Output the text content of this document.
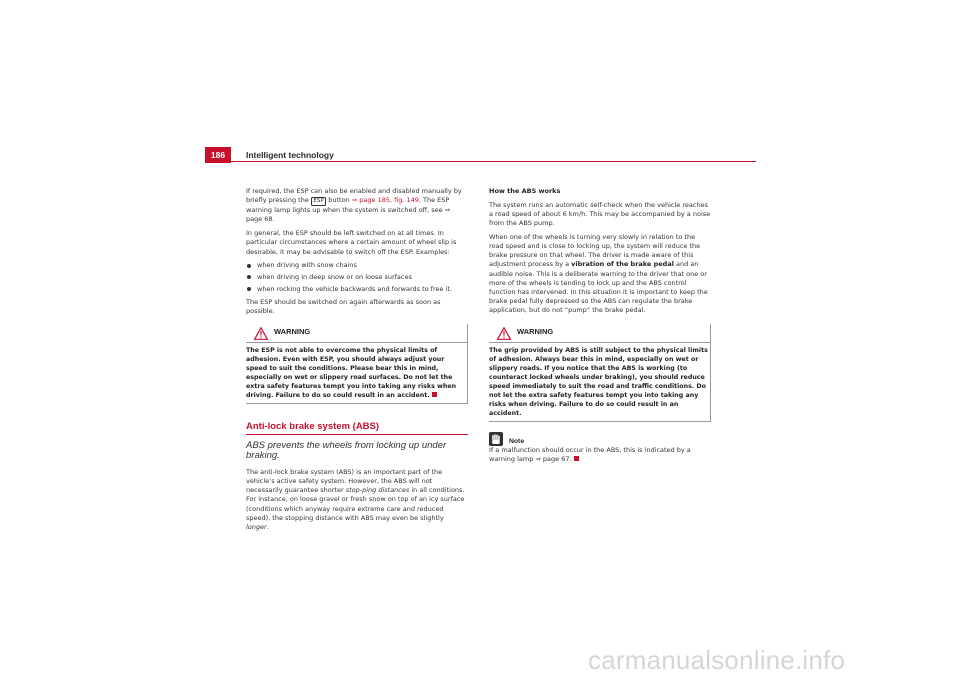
186	Intelligent technology

If required, the ESP can also be enabled and disabled manually by briefly pressing the ESP button ⇒ page 185, fig. 149. The ESP warning lamp lights up when the system is switched off, see ⇒ page 68.

In general, the ESP should be left switched on at all times. In particular circumstances where a certain amount of wheel slip is desirable, it may be advisable to switch off the ESP. Examples:

when driving with snow chains
when driving in deep snow or on loose surfaces
when rocking the vehicle backwards and forwards to free it.

The ESP should be switched on again afterwards as soon as possible.

WARNING
The ESP is not able to overcome the physical limits of adhesion. Even with ESP, you should always adjust your speed to suit the conditions. Please bear this in mind, especially on wet or slippery road surfaces. Do not let the extra safety features tempt you into taking any risks when driving. Failure to do so could result in an accident.
Anti-lock brake system (ABS)
ABS prevents the wheels from locking up under braking.

The anti-lock brake system (ABS) is an important part of the vehicle’s active safety system. However, the ABS will not necessarily guarantee shorter stop-ping distances in all conditions. For instance, on loose gravel or fresh snow on top of an icy surface (conditions which anyway require extreme care and reduced speed), the stopping distance with ABS may even be slightly longer.

How the ABS works

The system runs an automatic self-check when the vehicle reaches a road speed of about 6 km/h. This may be accompanied by a noise from the ABS pump.

When one of the wheels is turning very slowly in relation to the road speed and is close to locking up, the system will reduce the brake pressure on that wheel. The driver is made aware of this adjustment process by a vibration of the brake pedal and an audible noise. This is a deliberate warning to the driver that one or more of the wheels is tending to lock up and the ABS control function has intervened. In this situation it is important to keep the brake pedal fully depressed so the ABS can regulate the brake application, but do not “pump” the brake pedal.

WARNING
The grip provided by ABS is still subject to the physical limits of adhesion. Always bear this in mind, especially on wet or slippery roads. If you notice that the ABS is working (to counteract locked wheels under braking), you should reduce speed immediately to suit the road and traffic conditions. Do not let the extra safety features tempt you into taking any risks when driving. Failure to do so could result in an accident.
Note

If a malfunction should occur in the ABS, this is indicated by a warning lamp ⇒ page 67.

carmanualsonline.info
